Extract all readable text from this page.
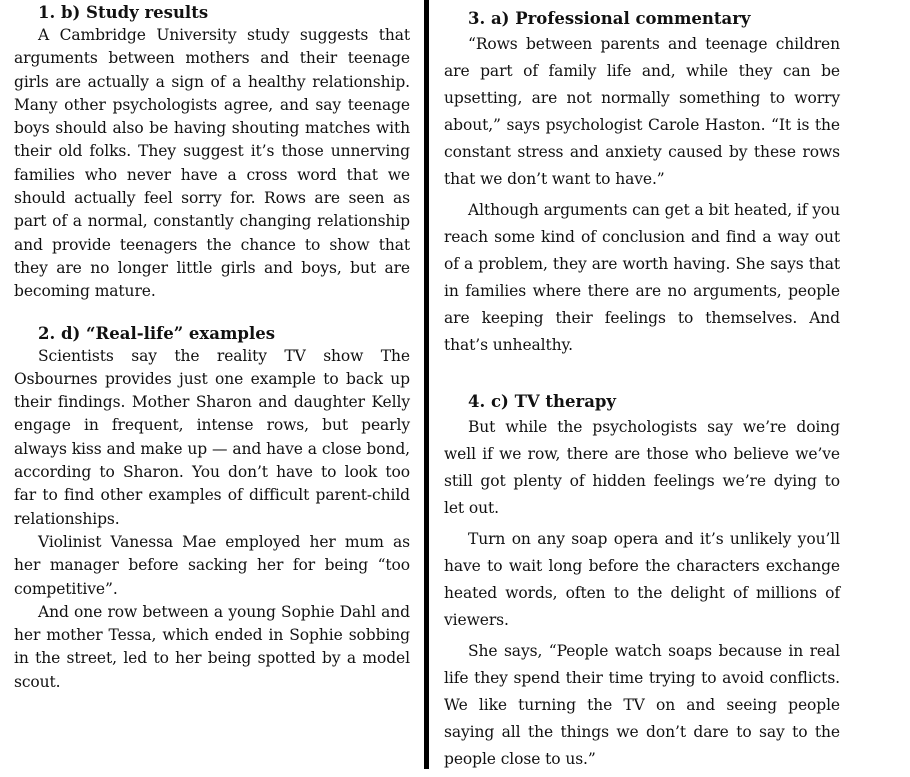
1. b) Study results

A Cambridge University study suggests that arguments between mothers and their teenage girls are actually a sign of a healthy relationship. Many other psychologists agree, and say teenage boys should also be having shouting matches with their old folks. They suggest it’s those unnerving families who never have a cross word that we should actually feel sorry for. Rows are seen as part of a normal, constantly changing relationship and provide teenagers the chance to show that they are no longer little girls and boys, but are becoming mature.

2. d) “Real-life” examples

Scientists say the reality TV show The Osbournes provides just one example to back up their findings. Mother Sharon and daughter Kelly engage in frequent, intense rows, but pearly always kiss and make up — and have a close bond, according to Sharon. You don’t have to look too far to find other examples of difficult parent-child relationships.

Violinist Vanessa Mae employed her mum as her manager before sacking her for being “too competitive”.

And one row between a young Sophie Dahl and her mother Tessa, which ended in Sophie sobbing in the street, led to her being spotted by a model scout.

3. a) Professional commentary

“Rows between parents and teenage children are part of family life and, while they can be upsetting, are not normally something to worry about,” says psychologist Carole Haston. “It is the constant stress and anxiety caused by these rows that we don’t want to have.”

Although arguments can get a bit heated, if you reach some kind of conclusion and find a way out of a problem, they are worth having. She says that in families where there are no arguments, people are keeping their feelings to themselves. And that’s unhealthy.

4. c) TV therapy

But while the psychologists say we’re doing well if we row, there are those who believe we’ve still got plenty of hidden feelings we’re dying to let out.

Turn on any soap opera and it’s unlikely you’ll have to wait long before the characters exchange heated words, often to the delight of millions of viewers.

She says, “People watch soaps because in real life they spend their time trying to avoid conflicts. We like turning the TV on and seeing people saying all the things we don’t dare to say to the people close to us.”
